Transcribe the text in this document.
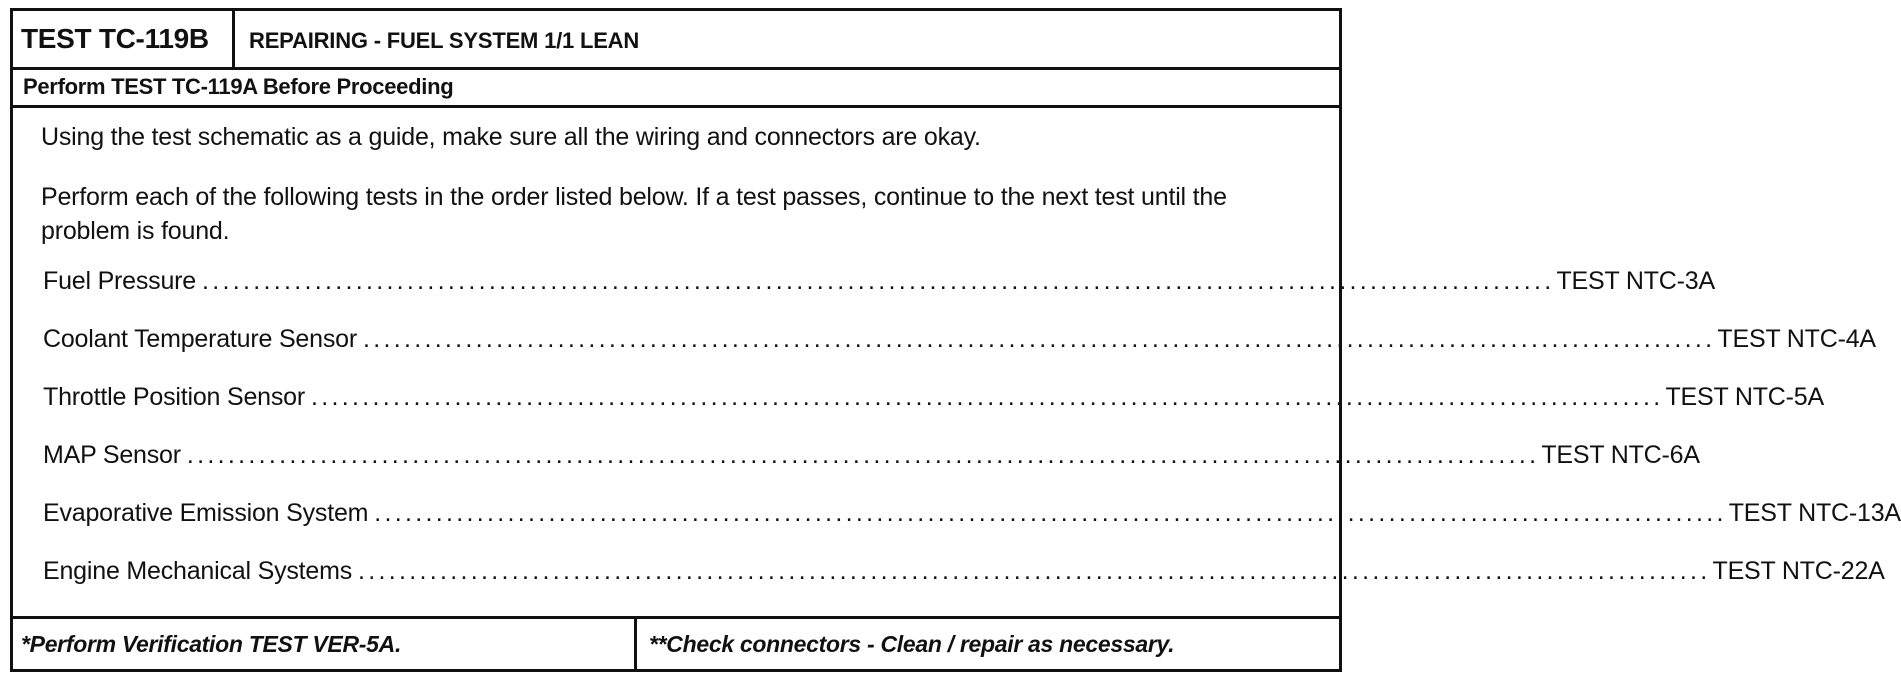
TEST TC-119B	REPAIRING - FUEL SYSTEM 1/1 LEAN
Perform TEST TC-119A Before Proceeding
Using the test schematic as a guide, make sure all the wiring and connectors are okay.
Perform each of the following tests in the order listed below. If a test passes, continue to the next test until the problem is found.
Fuel Pressure .................................................................................................................................... TEST NTC-3A
Coolant Temperature Sensor .................................................................................................................................... TEST NTC-4A
Throttle Position Sensor .................................................................................................................................... TEST NTC-5A
MAP Sensor .................................................................................................................................... TEST NTC-6A
Evaporative Emission System .................................................................................................................................... TEST NTC-13A
Engine Mechanical Systems .................................................................................................................................... TEST NTC-22A
*Perform Verification TEST VER-5A.	**Check connectors - Clean / repair as necessary.
